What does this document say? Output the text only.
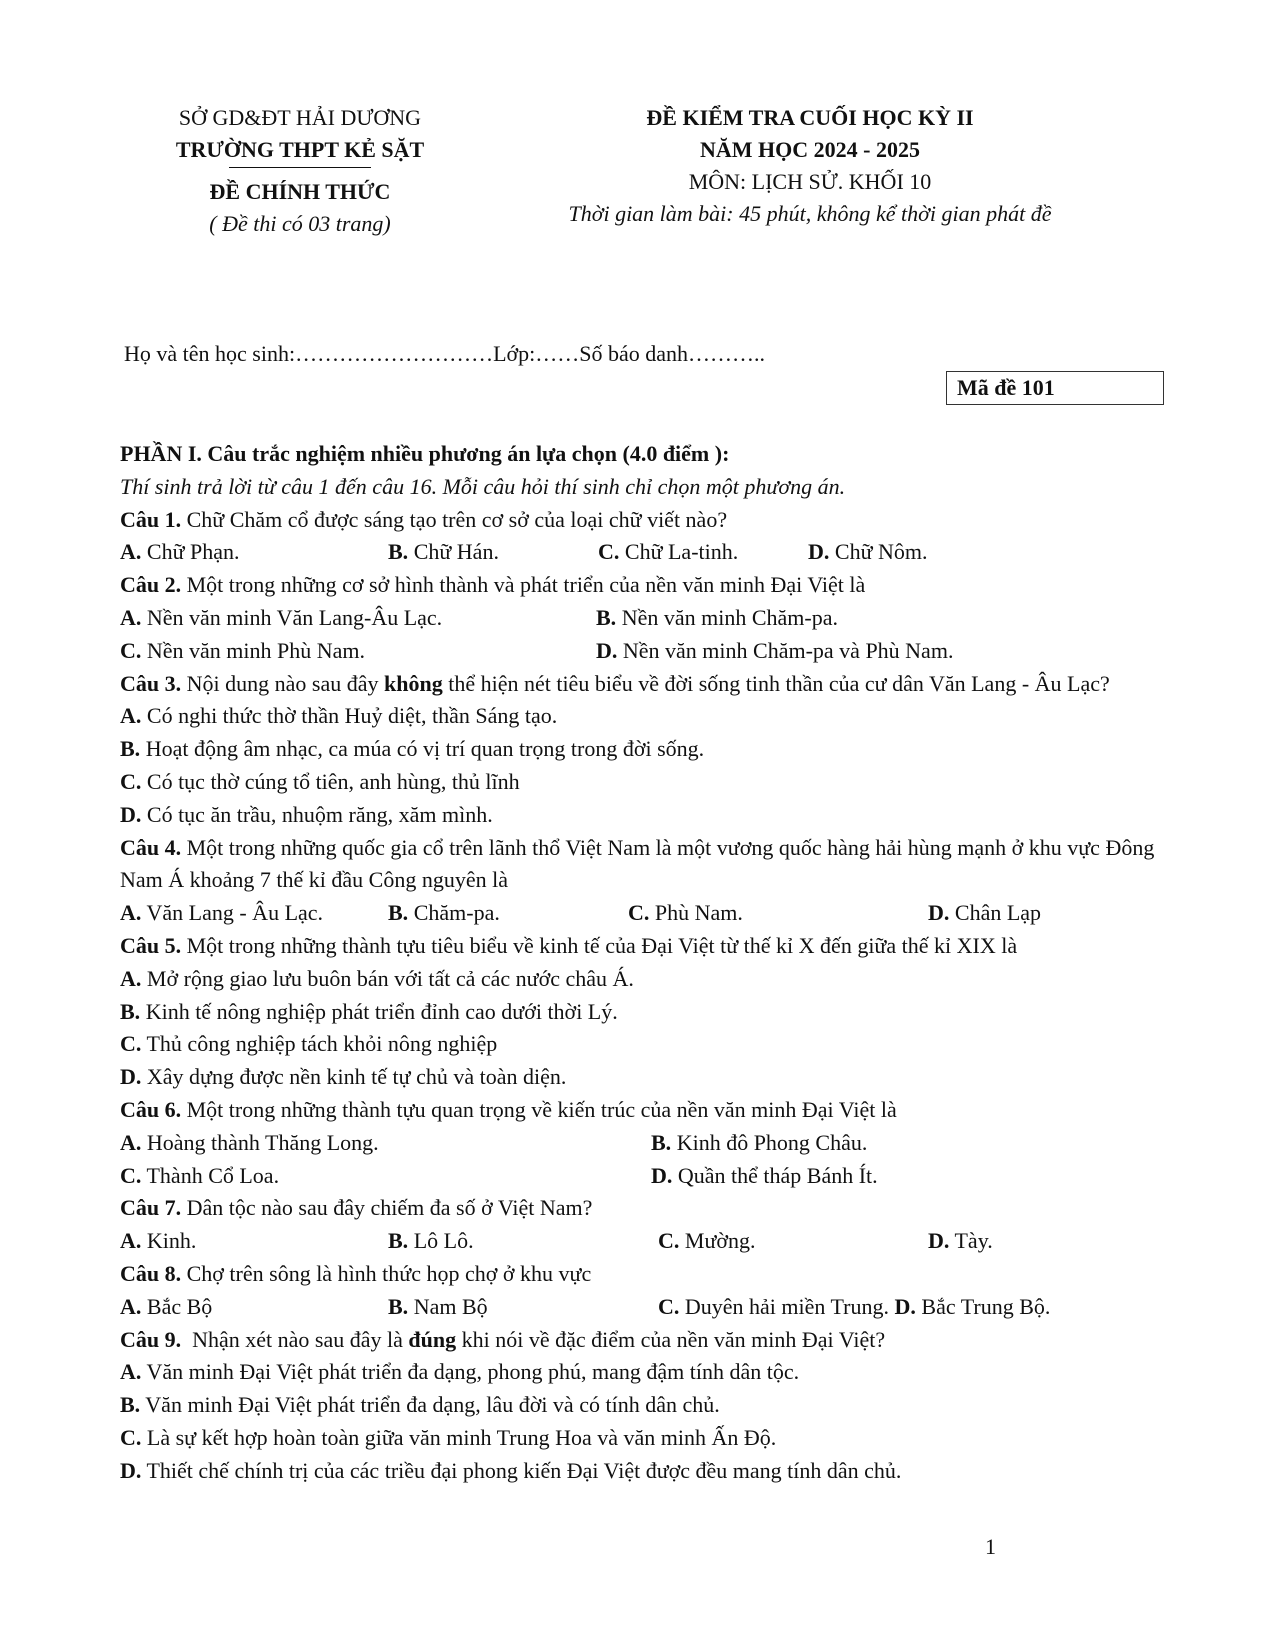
SỞ GD&ĐT HẢI DƯƠNG
TRƯỜNG THPT KẺ SẶT
ĐỀ CHÍNH THỨC
( Đề thi có 03 trang)
ĐỀ KIỂM TRA CUỐI HỌC KỲ II
NĂM HỌC 2024 - 2025
MÔN: LỊCH SỬ. KHỐI 10
Thời gian làm bài: 45 phút, không kể thời gian phát đề
Họ và tên học sinh:………………………Lớp:……Số báo danh………..
Mã đề 101
PHẦN I. Câu trắc nghiệm nhiều phương án lựa chọn (4.0 điểm ):
Thí sinh trả lời từ câu 1 đến câu 16. Mỗi câu hỏi thí sinh chỉ chọn một phương án.
Câu 1. Chữ Chăm cổ được sáng tạo trên cơ sở của loại chữ viết nào?
A. Chữ Phạn.	B. Chữ Hán.	C. Chữ La-tinh.	D. Chữ Nôm.
Câu 2. Một trong những cơ sở hình thành và phát triển của nền văn minh Đại Việt là
A. Nền văn minh Văn Lang-Âu Lạc.	B. Nền văn minh Chăm-pa.
C. Nền văn minh Phù Nam.	D. Nền văn minh Chăm-pa và Phù Nam.
Câu 3. Nội dung nào sau đây không thể hiện nét tiêu biểu về đời sống tinh thần của cư dân Văn Lang - Âu Lạc?
A. Có nghi thức thờ thần Huỷ diệt, thần Sáng tạo.
B. Hoạt động âm nhạc, ca múa có vị trí quan trọng trong đời sống.
C. Có tục thờ cúng tổ tiên, anh hùng, thủ lĩnh
D. Có tục ăn trầu, nhuộm răng, xăm mình.
Câu 4. Một trong những quốc gia cổ trên lãnh thổ Việt Nam là một vương quốc hàng hải hùng mạnh ở khu vực Đông Nam Á khoảng 7 thế kỉ đầu Công nguyên là
A. Văn Lang - Âu Lạc.	B. Chăm-pa.	C. Phù Nam.	D. Chân Lạp
Câu 5. Một trong những thành tựu tiêu biểu về kinh tế của Đại Việt từ thế kỉ X đến giữa thế kỉ XIX là
A. Mở rộng giao lưu buôn bán với tất cả các nước châu Á.
B. Kinh tế nông nghiệp phát triển đỉnh cao dưới thời Lý.
C. Thủ công nghiệp tách khỏi nông nghiệp
D. Xây dựng được nền kinh tế tự chủ và toàn diện.
Câu 6. Một trong những thành tựu quan trọng về kiến trúc của nền văn minh Đại Việt là
A. Hoàng thành Thăng Long.	B. Kinh đô Phong Châu.
C. Thành Cổ Loa.	D. Quần thể tháp Bánh Ít.
Câu 7. Dân tộc nào sau đây chiếm đa số ở Việt Nam?
A. Kinh.	B. Lô Lô.	C. Mường.	D. Tày.
Câu 8. Chợ trên sông là hình thức họp chợ ở khu vực
A. Bắc Bộ	B. Nam Bộ	C. Duyên hải miền Trung. D. Bắc Trung Bộ.
Câu 9.  Nhận xét nào sau đây là đúng khi nói về đặc điểm của nền văn minh Đại Việt?
A. Văn minh Đại Việt phát triển đa dạng, phong phú, mang đậm tính dân tộc.
B. Văn minh Đại Việt phát triển đa dạng, lâu đời và có tính dân chủ.
C. Là sự kết hợp hoàn toàn giữa văn minh Trung Hoa và văn minh Ấn Độ.
D. Thiết chế chính trị của các triều đại phong kiến Đại Việt được đều mang tính dân chủ.
1
